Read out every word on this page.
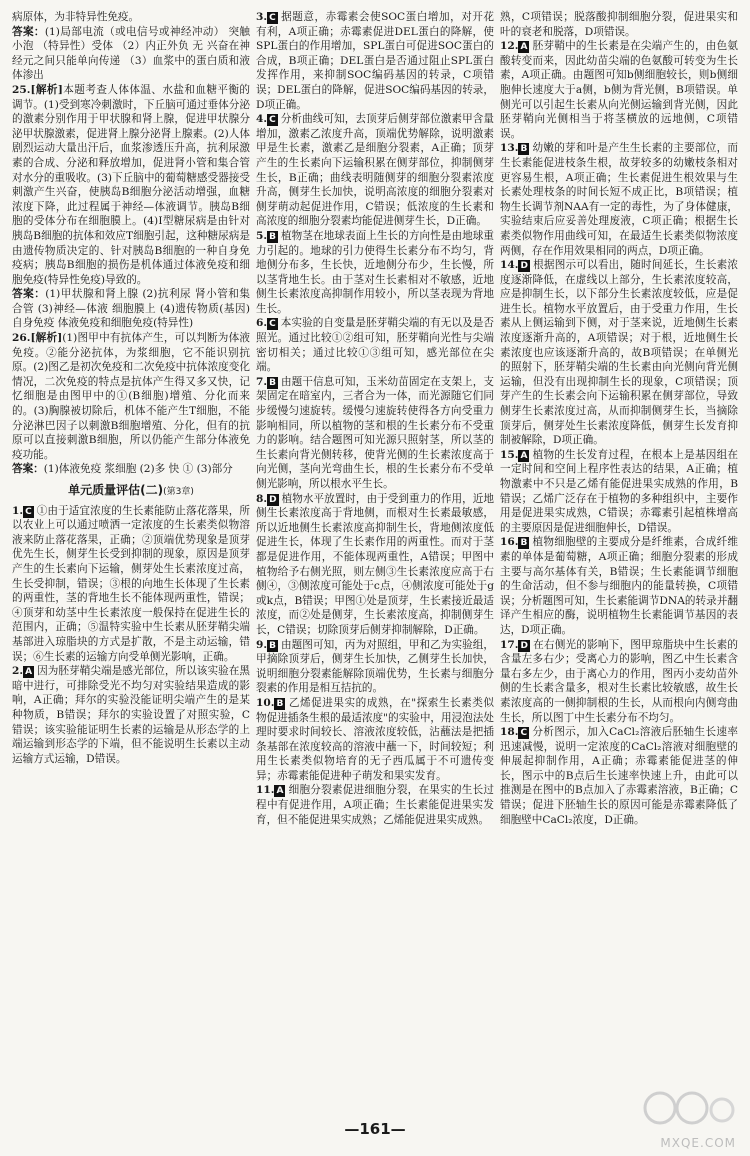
病原体，为非特异性免疫。

答案：(1)局部电流（或电信号或神经冲动） 突触小泡 （特异性）受体 （2）内正外负 无 兴奋在神经元之间只能单向传递 （3）血浆中的蛋白质和液体渗出

25.[解析]本题考查人体体温、水盐和血糖平衡的调节。(1)受到寒冷刺激时，下丘脑可通过垂体分泌的激素分别作用于甲状腺和肾上腺，促进甲状腺分泌甲状腺激素，促进肾上腺分泌肾上腺素。(2)人体剧烈运动大量出汗后，血浆渗透压升高，抗利尿激素的合成、分泌和释放增加，促进肾小管和集合管对水分的重吸收。(3)下丘脑中的葡萄糖感受器接受刺激产生兴奋，使胰岛B细胞分泌活动增强，血糖浓度下降，此过程属于神经—体液调节。胰岛B细胞的受体分布在细胞膜上。(4)Ⅰ型糖尿病是由针对胰岛B细胞的抗体和效应T细胞引起，这种糖尿病是由遗传物质决定的、针对胰岛B细胞的一种自身免疫病；胰岛B细胞的损伤是机体通过体液免疫和细胞免疫(特异性免疫)导致的。

答案：(1)甲状腺和肾上腺 (2)抗利尿 肾小管和集合管 (3)神经—体液 细胞膜上 (4)遗传物质(基因) 自身免疫 体液免疫和细胞免疫(特异性)

26.[解析](1)图甲中有抗体产生，可以判断为体液免疫。②能分泌抗体，为浆细胞，它不能识别抗原。(2)图乙是初次免疫和二次免疫中抗体浓度变化情况，二次免疫的特点是抗体产生得又多又快，记忆细胞是由图甲中的①(B细胞)增殖、分化而来的。(3)胸腺被切除后，机体不能产生T细胞，不能分泌淋巴因子以刺激B细胞增殖、分化，但有的抗原可以直接刺激B细胞，所以仍能产生部分体液免疫功能。

答案：(1)体液免疫 浆细胞 (2)多 快 ① (3)部分

单元质量评估(二)(第3章)

1. C ①由于适宜浓度的生长素能防止落花落果，所以农业上可以通过喷洒一定浓度的生长素类似物溶液来防止落花落果，正确；②顶端优势现象是顶芽优先生长，侧芽生长受到抑制的现象，原因是顶芽产生的生长素向下运输，侧芽处生长素浓度过高，生长受抑制，错误；③根的向地生长体现了生长素的两重性，茎的背地生长不能体现两重性，错误；④顶芽和幼茎中生长素浓度一般保持在促进生长的范围内，正确；⑤温特实验中生长素从胚芽鞘尖端基部进入琼脂块的方式是扩散，不是主动运输，错误；⑥生长素的运输方向受单侧光影响，正确。

2. A 因为胚芽鞘尖端是感光部位，所以该实验在黑暗中进行，可排除受光不均匀对实验结果造成的影响，A正确；拜尔的实验没能证明尖端产生的是某种物质，B错误；拜尔的实验设置了对照实验，C错误；该实验能证明生长素的运输是从形态学的上端运输到形态学的下端，但不能说明生长素以主动运输方式运输，D错误。

3. C 据题意，赤霉素会使SOC蛋白增加，对开花有利，A项正确；赤霉素促进DEL蛋白的降解，使SPL蛋白的作用增加，SPL蛋白可促进SOC蛋白的合成，B项正确；DEL蛋白是否通过阻止SPL蛋白发挥作用，来抑制SOC编码基因的转录，C项错误；DEL蛋白的降解，促进SOC编码基因的转录，D项正确。

4. C 分析曲线可知，去顶芽后侧芽部位激素甲含量增加，激素乙浓度升高，顶端优势解除，说明激素甲是生长素，激素乙是细胞分裂素，A正确；顶芽产生的生长素向下运输积累在侧芽部位，抑制侧芽生长，B正确；曲线表明随侧芽的细胞分裂素浓度升高，侧芽生长加快，说明高浓度的细胞分裂素对侧芽萌动起促进作用，C错误；低浓度的生长素和高浓度的细胞分裂素均能促进侧芽生长，D正确。

5. B 植物茎在地球表面上生长的方向性是由地球重力引起的。地球的引力使得生长素分布不均匀，背地侧分布多，生长快，近地侧分布少，生长慢，所以茎背地生长。由于茎对生长素相对不敏感，近地侧生长素浓度高抑制作用较小，所以茎表现为背地生长。

6. C 本实验的自变量是胚芽鞘尖端的有无以及是否照光。通过比较①②组可知，胚芽鞘向光性与尖端密切相关；通过比较①③组可知，感光部位在尖端。

7. B 由题干信息可知，玉米幼苗固定在支架上，支架固定在暗室内，三者合为一体，而光源随它们同步缓慢匀速旋转。缓慢匀速旋转使得各方向受重力影响相同，所以植物的茎和根的生长素分布不受重力的影响。结合题图可知光源只照射茎，所以茎的生长素向背光侧转移，使背光侧的生长素浓度高于向光侧，茎向光弯曲生长，根的生长素分布不受单侧光影响，所以根水平生长。

8. D 植物水平放置时，由于受到重力的作用，近地侧生长素浓度高于背地侧，而根对生长素最敏感，所以近地侧生长素浓度高抑制生长，背地侧浓度低促进生长，体现了生长素作用的两重性。而对于茎都是促进作用，不能体现两重性，A错误；甲图中植物给予右侧光照，则左侧③生长素浓度应高于右侧④，③侧浓度可能处于c点，④侧浓度可能处于g或k点，B错误；甲图①处是顶芽，生长素接近最适浓度，而②处是侧芽，生长素浓度高，抑制侧芽生长，C错误；切除顶芽后侧芽抑制解除，D正确。

9. B 由题图可知，丙为对照组，甲和乙为实验组，甲摘除顶芽后，侧芽生长加快，乙侧芽生长加快，说明细胞分裂素能解除顶端优势，生长素与细胞分裂素的作用是相互拮抗的。

10. B 乙烯促进果实的成熟，在"探索生长素类似物促进插条生根的最适浓度"的实验中，用浸泡法处理时要求时间较长、溶液浓度较低，沾蘸法是把插条基部在浓度较高的溶液中蘸一下，时间较短；利用生长素类似物培育的无子西瓜属于不可遗传变异；赤霉素能促进种子萌发和果实发育。

11. A 细胞分裂素促进细胞分裂，在果实的生长过程中有促进作用，A项正确；生长素能促进果实发育，但不能促进果实成熟；乙烯能促进果实成熟。

熟，C项错误；脱落酸抑制细胞分裂，促进果实和叶的衰老和脱落，D项错误。

12. A 胚芽鞘中的生长素是在尖端产生的，由色氨酸转变而来，因此幼苗尖端的色氨酸可转变为生长素，A项正确。由题图可知b侧细胞较长，则b侧细胞伸长速度大于a侧，b侧为背光侧，B项错误。单侧光可以引起生长素从向光侧运输到背光侧，因此胚芽鞘向光侧相当于将茎横放的远地侧，C项错误。

13. B 幼嫩的芽和叶是产生生长素的主要部位，而生长素能促进枝条生根，故芽较多的幼嫩枝条相对更容易生根，A项正确；生长素促进生根效果与生长素处理枝条的时间长短不成正比，B项错误；植物生长调节剂NAA有一定的毒性，为了身体健康，实验结束后应妥善处理废液，C项正确；根据生长素类似物作用曲线可知，在最适生长素类似物浓度两侧，存在作用效果相同的两点，D项正确。

14. D 根据图示可以看出，随时间延长，生长素浓度逐渐降低，在虚线以上部分，生长素浓度较高，应是抑制生长，以下部分生长素浓度较低，应是促进生长。植物水平放置后，由于受重力作用，生长素从上侧运输到下侧，对于茎来说，近地侧生长素浓度逐渐升高的，A项错误；对于根，近地侧生长素浓度也应该逐渐升高的，故B项错误；在单侧光的照射下，胚芽鞘尖端的生长素由向光侧向背光侧运输，但没有出现抑制生长的现象，C项错误；顶芽产生的生长素会向下运输积累在侧芽部位，导致侧芽生长素浓度过高，从而抑制侧芽生长，当摘除顶芽后，侧芽处生长素浓度降低，侧芽生长发育抑制被解除，D项正确。

15. A 植物的生长发育过程，在根本上是基因组在一定时间和空间上程序性表达的结果，A正确；植物激素中不只是乙烯有能促进果实成熟的作用，B错误；乙烯广泛存在于植物的多种组织中，主要作用是促进果实成熟，C错误；赤霉素引起植株增高的主要原因是促进细胞伸长，D错误。

16. B 植物细胞壁的主要成分是纤维素，合成纤维素的单体是葡萄糖，A项正确；细胞分裂素的形成主要与高尔基体有关，B错误；生长素能调节细胞的生命活动，但不参与细胞内的能量转换，C项错误；分析题图可知，生长素能调节DNA的转录并翻译产生相应的酶，说明植物生长素能调节基因的表达，D项正确。

17. D 在右侧光的影响下，图甲琼脂块中生长素的含量左多右少；受离心力的影响，图乙中生长素含量右多左少，由于离心力的作用，图丙小麦幼苗外侧的生长素含量多，根对生长素比较敏感，故生长素浓度高的一侧抑制根的生长，从而根向内侧弯曲生长，所以图丁中生长素分布不均匀。

18. C 分析图示，加入CaCl₂溶液后胚轴生长速率迅速减慢，说明一定浓度的CaCl₂溶液对细胞壁的伸展起抑制作用，A正确；赤霉素能促进茎的伸长，图示中的B点后生长速率快速上升，由此可以推测是在图中的B点加入了赤霉素溶液，B正确；C错误；促进下胚轴生长的原因可能是赤霉素降低了细胞壁中CaCl₂浓度，D正确。

—161—
MXQE.COM
